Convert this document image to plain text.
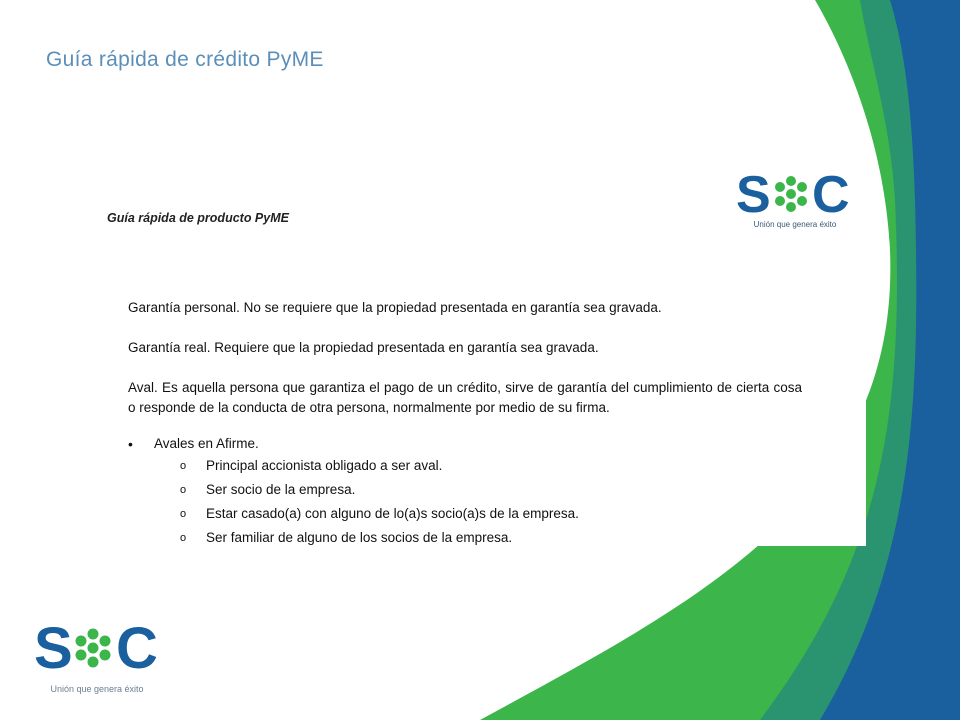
Guía rápida de crédito PyME
Guía rápida de producto PyME	S C
Unión que genera éxito

Garantía personal. No se requiere que la propiedad presentada en garantía sea gravada.

Garantía real. Requiere que la propiedad presentada en garantía sea gravada.

Aval. Es aquella persona que garantiza el pago de un crédito, sirve de garantía del cumplimiento de cierta cosa o responde de la conducta de otra persona, normalmente por medio de su firma.

•	Avales en Afirme.
o	Principal accionista obligado a ser aval.
o	Ser socio de la empresa.
o	Estar casado(a) con alguno de lo(a)s socio(a)s de la empresa.
o	Ser familiar de alguno de los socios de la empresa.
S C
Unión que genera éxito
